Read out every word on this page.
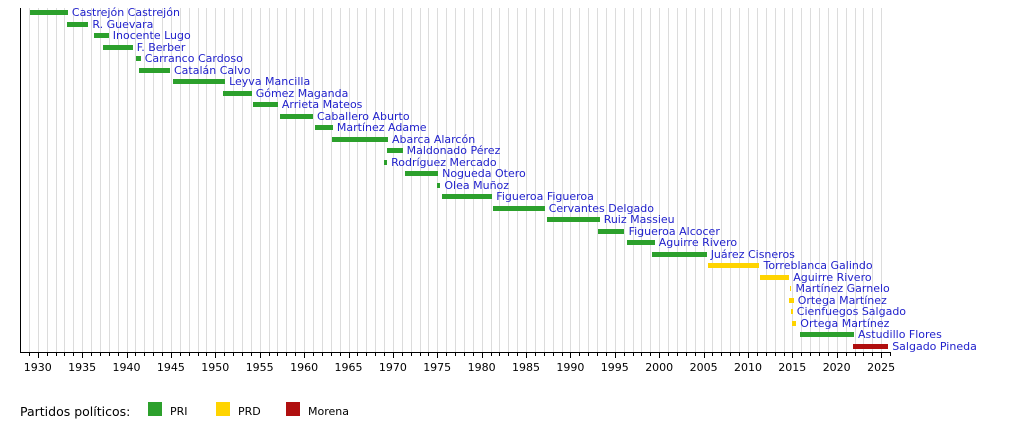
Castrejón Castrejón
R. Guevara
Inocente Lugo
F. Berber
Carranco Cardoso
Catalán Calvo
Leyva Mancilla
Gómez Maganda
Arrieta Mateos
Caballero Aburto
Martínez Adame
Abarca Alarcón
Maldonado Pérez
Rodríguez Mercado
Nogueda Otero
Olea Muñoz
Figueroa Figueroa
Cervantes Delgado
Ruiz Massieu
Figueroa Alcocer
Aguirre Rivero
Juárez Cisneros
Torreblanca Galindo
Aguirre Rivero
Martínez Garnelo
Ortega Martínez
Cienfuegos Salgado
Ortega Martínez
Astudillo Flores
Salgado Pineda
1930 1935 1940 1945 1950 1955 1960 1965 1970 1975 1980 1985 1990 1995 2000 2005 2010 2015 2020 2025
Partidos políticos:	PRI	PRD	Morena
